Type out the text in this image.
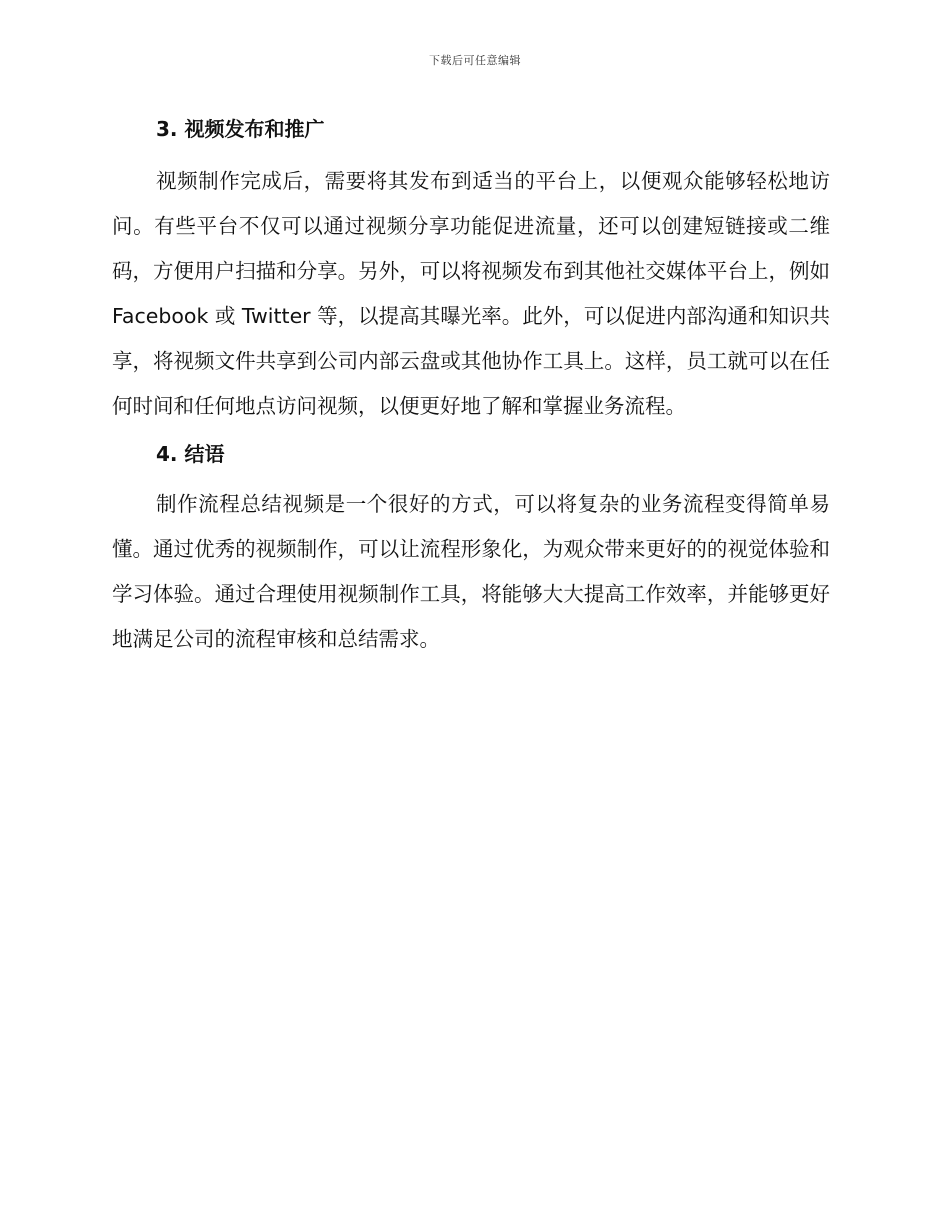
下载后可任意编辑
3. 视频发布和推广

视频制作完成后，需要将其发布到适当的平台上，以便观众能够轻松地访问。有些平台不仅可以通过视频分享功能促进流量，还可以创建短链接或二维码，方便用户扫描和分享。另外，可以将视频发布到其他社交媒体平台上，例如 Facebook 或 Twitter 等，以提高其曝光率。此外，可以促进内部沟通和知识共享，将视频文件共享到公司内部云盘或其他协作工具上。这样，员工就可以在任何时间和任何地点访问视频，以便更好地了解和掌握业务流程。

4. 结语

制作流程总结视频是一个很好的方式，可以将复杂的业务流程变得简单易懂。通过优秀的视频制作，可以让流程形象化，为观众带来更好的的视觉体验和学习体验。通过合理使用视频制作工具，将能够大大提高工作效率，并能够更好地满足公司的流程审核和总结需求。
